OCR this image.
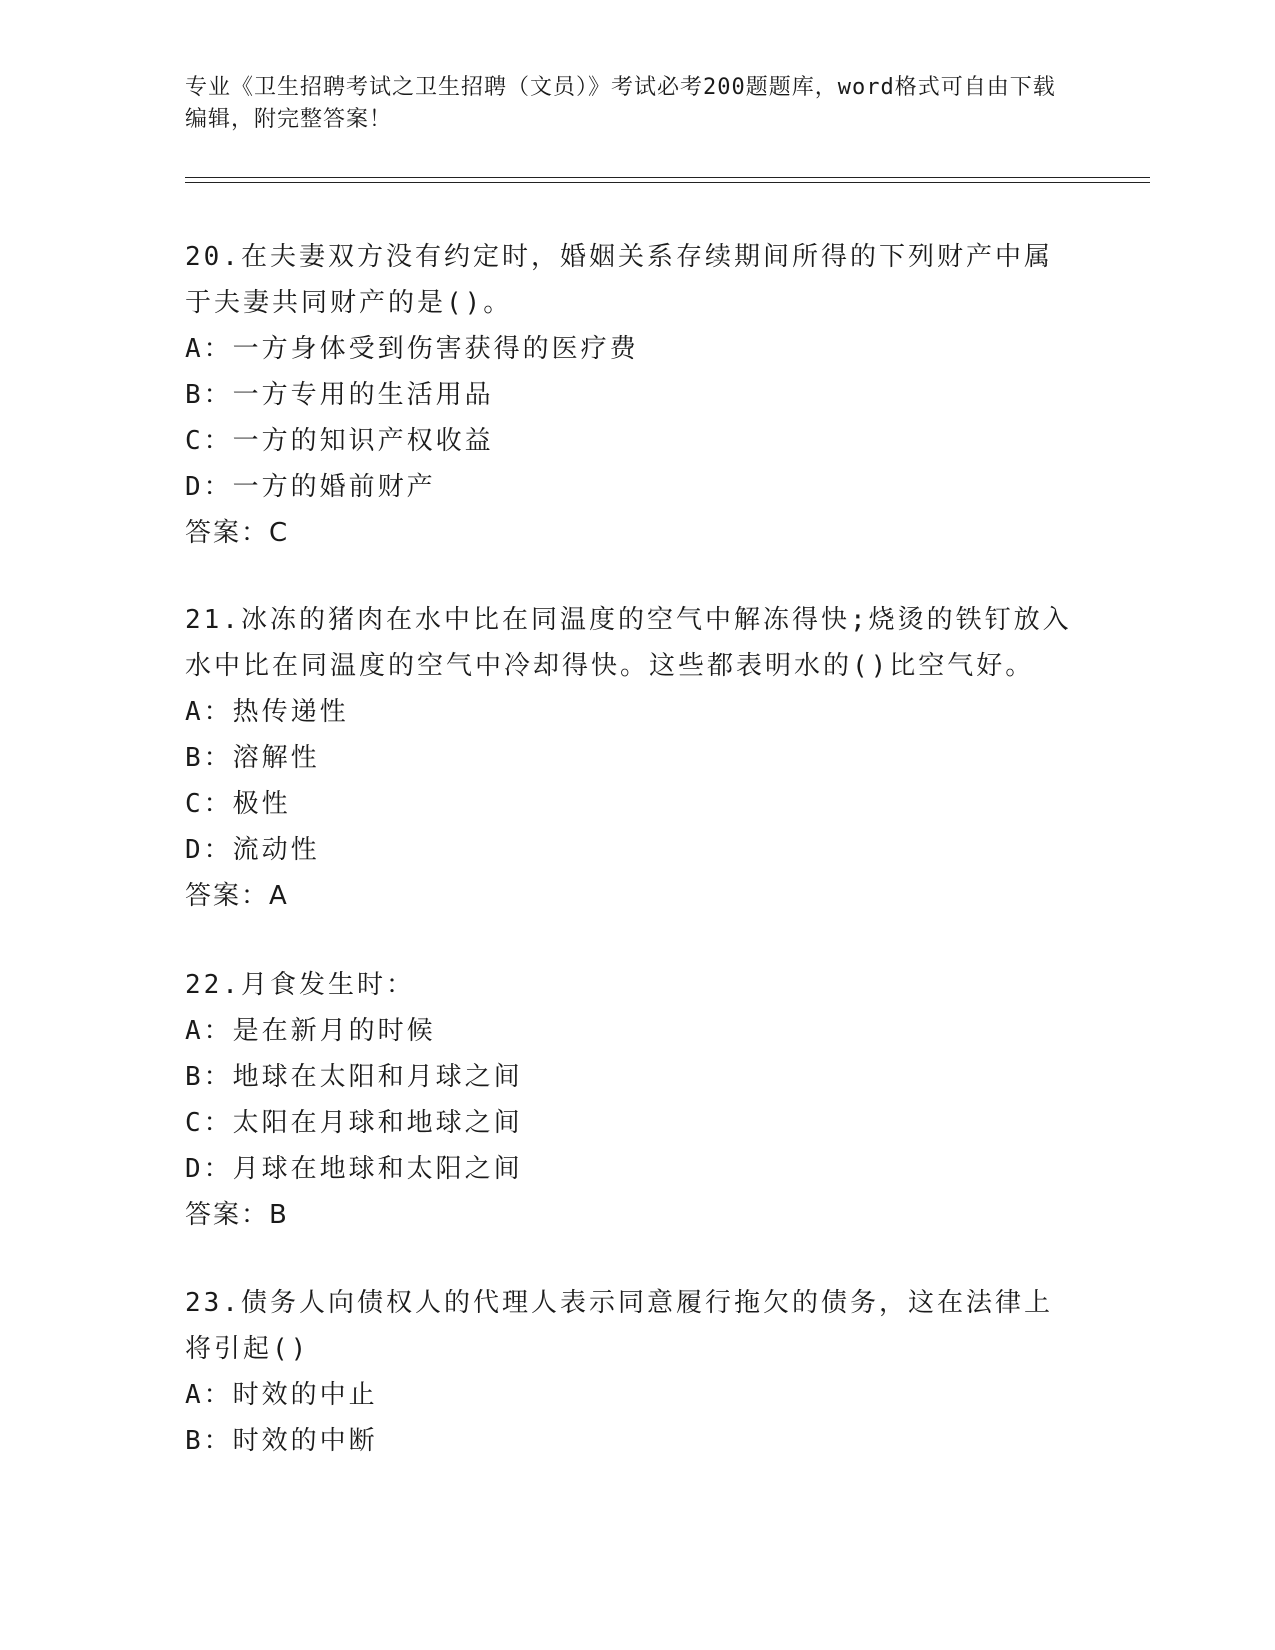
专业《卫生招聘考试之卫生招聘（文员）》考试必考200题题库，word格式可自由下载编辑，附完整答案！
20.在夫妻双方没有约定时，婚姻关系存续期间所得的下列财产中属于夫妻共同财产的是()。
A：一方身体受到伤害获得的医疗费
B：一方专用的生活用品
C：一方的知识产权收益
D：一方的婚前财产
答案：C
21.冰冻的猪肉在水中比在同温度的空气中解冻得快;烧烫的铁钉放入水中比在同温度的空气中冷却得快。这些都表明水的()比空气好。
A：热传递性
B：溶解性
C：极性
D：流动性
答案：A
22.月食发生时：
A：是在新月的时候
B：地球在太阳和月球之间
C：太阳在月球和地球之间
D：月球在地球和太阳之间
答案：B
23.债务人向债权人的代理人表示同意履行拖欠的债务，这在法律上将引起()
A：时效的中止
B：时效的中断
